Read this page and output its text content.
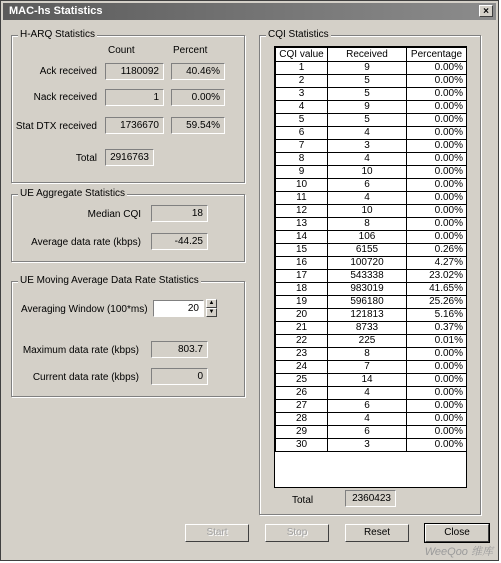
MAC-hs Statistics	×
H-ARQ Statistics
Count	Percent
Ack received	1180092	40.46%
Nack received	1	0.00%
Stat DTX received	1736670	59.54%
Total	2916763
UE Aggregate Statistics
Median CQI	18
Average data rate (kbps)	-44.25
UE Moving Average Data Rate Statistics
Averaging Window (100*ms)	20	▲
▼
Maximum data rate (kbps)	803.7
Current data rate (kbps)	0
CQI Statistics
CQI value	Received	Percentage
1	9	0.00%
2	5	0.00%
3	5	0.00%
4	9	0.00%
5	5	0.00%
6	4	0.00%
7	3	0.00%
8	4	0.00%
9	10	0.00%
10	6	0.00%
11	4	0.00%
12	10	0.00%
13	8	0.00%
14	106	0.00%
15	6155	0.26%
16	100720	4.27%
17	543338	23.02%
18	983019	41.65%
19	596180	25.26%
20	121813	5.16%
21	8733	0.37%
22	225	0.01%
23	8	0.00%
24	7	0.00%
25	14	0.00%
26	4	0.00%
27	6	0.00%
28	4	0.00%
29	6	0.00%
30	3	0.00%
Total	2360423
Start	Stop	Reset	Close
WeeQoo 维库
